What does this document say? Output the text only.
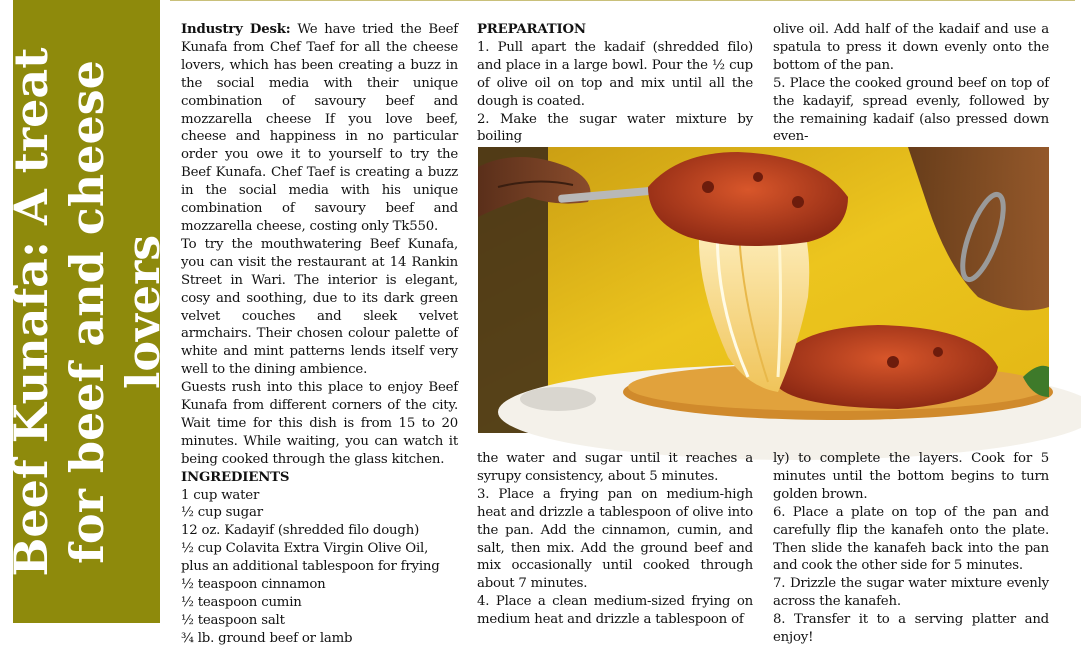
Beef Kunafa: A treat for beef and cheese lovers

Industry Desk: We have tried the Beef Kunafa from Chef Taef for all the cheese lovers, which has been creating a buzz in the social media with their unique combination of savoury beef and mozzarella cheese If you love beef, cheese and happiness in no particular order you owe it to yourself to try the Beef Kunafa. Chef Taef is creating a buzz in the social media with his unique combination of savoury beef and mozzarella cheese, costing only Tk550.

To try the mouthwatering Beef Kunafa, you can visit the restaurant at 14 Rankin Street in Wari. The interior is elegant, cosy and soothing, due to its dark green velvet couches and sleek velvet armchairs. Their chosen colour palette of white and mint patterns lends itself very well to the dining ambience.

Guests rush into this place to enjoy Beef Kunafa from different corners of the city. Wait time for this dish is from 15 to 20 minutes. While waiting, you can watch it being cooked through the glass kitchen.

INGREDIENTS

1 cup water
½ cup sugar
12 oz. Kadayif (shredded filo dough)
½ cup Colavita Extra Virgin Olive Oil, plus an additional tablespoon for frying
½ teaspoon cinnamon
½ teaspoon cumin
½ teaspoon salt
¾ lb. ground beef or lamb

PREPARATION

1. Pull apart the kadaif (shredded filo) and place in a large bowl. Pour the ½ cup of olive oil on top and mix until all the dough is coated.

2. Make the sugar water mixture by boiling

olive oil. Add half of the kadaif and use a spatula to press it down evenly onto the bottom of the pan.

5. Place the cooked ground beef on top of the kadayif, spread evenly, followed by the remaining kadaif (also pressed down even-

the water and sugar until it reaches a syrupy consistency, about 5 minutes.

3. Place a frying pan on medium-high heat and drizzle a tablespoon of olive into the pan. Add the cinnamon, cumin, and salt, then mix. Add the ground beef and mix occasionally until cooked through about 7 minutes.

4. Place a clean medium-sized frying on medium heat and drizzle a tablespoon of

ly) to complete the layers. Cook for 5 minutes until the bottom begins to turn golden brown.

6. Place a plate on top of the pan and carefully flip the kanafeh onto the plate. Then slide the kanafeh back into the pan and cook the other side for 5 minutes.

7. Drizzle the sugar water mixture evenly across the kanafeh.

8. Transfer it to a serving platter and enjoy!
